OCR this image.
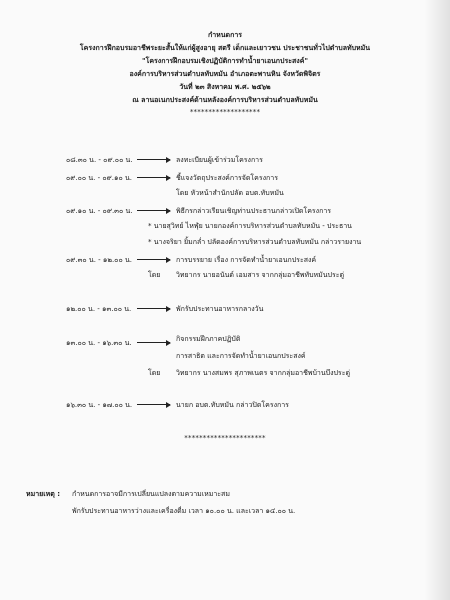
กำหนดการ
โครงการฝึกอบรมอาชีพระยะสั้นให้แก่ผู้สูงอายุ สตรี เด็กและเยาวชน ประชาชนทั่วไปตำบลทับหมัน
"โครงการฝึกอบรมเชิงปฏิบัติการทำน้ำยาเอนกประสงค์"
องค์การบริหารส่วนตำบลทับหมัน อำเภอตะพานหิน จังหวัดพิจิตร
วันที่ ๒๓ สิงหาคม พ.ศ. ๒๕๖๒
ณ ลานอเนกประสงค์ด้านหลังองค์การบริหารส่วนตำบลทับหมัน
*******************
๐๘.๓๐ น. - ๐๙.๐๐ น.	ลงทะเบียนผู้เข้าร่วมโครงการ
๐๙.๐๐ น. - ๐๙.๑๐ น.	ชี้แจงวัตถุประสงค์การจัดโครงการ
โดย หัวหน้าสำนักปลัด อบต.ทับหมัน
๐๙.๑๐ น. - ๐๙.๓๐ น.	พิธีกรกล่าวเรียนเชิญท่านประธานกล่าวเปิดโครงการ
* นายสุวิทย์ ไหฬุ่ย นายกองค์การบริหารส่วนตำบลทับหมัน - ประธาน
* นางจริยา ยิ้มกล่ำ ปลัดองค์การบริหารส่วนตำบลทับหมัน กล่าวรายงาน
๐๙.๓๐ น. - ๑๒.๐๐ น.	การบรรยาย เรื่อง การจัดทำน้ำยาเอนกประสงค์
โดย วิทยากร นายอนันต์ เอมสาร จากกลุ่มอาชีพทับหมันประตู่
๑๒.๐๐ น. - ๑๓.๐๐ น.	พักรับประทานอาหารกลางวัน
๑๓.๐๐ น. - ๑๖.๓๐ น.	กิจกรรมฝึกภาคปฏิบัติ
การสาธิต และการจัดทำน้ำยาเอนกประสงค์
โดย วิทยากร นางสมพร สุภาพเนตร จากกลุ่มอาชีพบ้านบึงประดู่
๑๖.๓๐ น. - ๑๗.๐๐ น.	นายก อบต.ทับหมัน กล่าวปิดโครงการ
**********************
หมายเหตุ : กำหนดการอาจมีการเปลี่ยนแปลงตามความเหมาะสม
พักรับประทานอาหารว่างและเครื่องดื่ม เวลา ๑๐.๐๐ น. และเวลา ๑๔.๐๐ น.
